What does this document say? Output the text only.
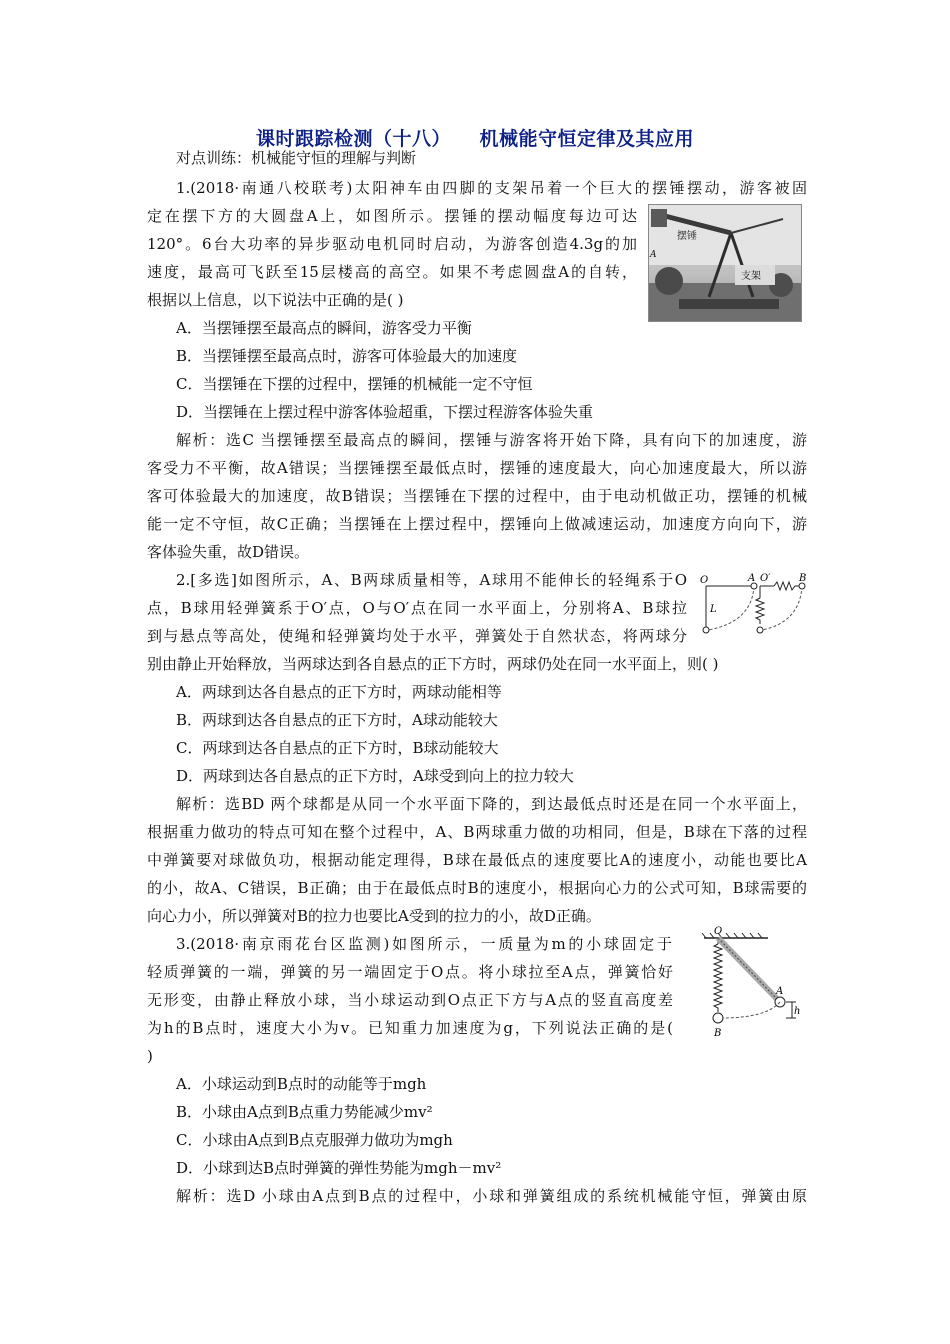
课时跟踪检测（十八）    机械能守恒定律及其应用
对点训练：机械能守恒的理解与判断
1.(2018·南通八校联考)太阳神车由四脚的支架吊着一个巨大的摆锤摆动，游客被固
定在摆下方的大圆盘A上，如图所示。摆锤的摆动幅度每边可达
120°。6台大功率的异步驱动电机同时启动，为游客创造4.3g的加
速度，最高可飞跃至15层楼高的高空。如果不考虑圆盘A的自转，
根据以上信息，以下说法中正确的是( )
摆锤
支架
A
A．当摆锤摆至最高点的瞬间，游客受力平衡
B．当摆锤摆至最高点时，游客可体验最大的加速度
C．当摆锤在下摆的过程中，摆锤的机械能一定不守恒
D．当摆锤在上摆过程中游客体验超重，下摆过程游客体验失重
解析：选C 当摆锤摆至最高点的瞬间，摆锤与游客将开始下降，具有向下的加速度，游
客受力不平衡，故A错误；当摆锤摆至最低点时，摆锤的速度最大，向心加速度最大，所以游
客可体验最大的加速度，故B错误；当摆锤在下摆的过程中，由于电动机做正功，摆锤的机械
能一定不守恒，故C正确；当摆锤在上摆过程中，摆锤向上做减速运动，加速度方向向下，游
客体验失重，故D错误。
2.[多选]如图所示，A、B两球质量相等，A球用不能伸长的轻绳系于O
点，B球用轻弹簧系于O′点，O与O′点在同一水平面上，分别将A、B球拉
到与悬点等高处，使绳和轻弹簧均处于水平，弹簧处于自然状态，将两球分
别由静止开始释放，当两球达到各自悬点的正下方时，两球仍处在同一水平面上，则( )
O	A O′	B
L
A．两球到达各自悬点的正下方时，两球动能相等
B．两球到达各自悬点的正下方时，A球动能较大
C．两球到达各自悬点的正下方时，B球动能较大
D．两球到达各自悬点的正下方时，A球受到向上的拉力较大
解析：选BD 两个球都是从同一个水平面下降的，到达最低点时还是在同一个水平面上，
根据重力做功的特点可知在整个过程中，A、B两球重力做的功相同，但是，B球在下落的过程
中弹簧要对球做负功，根据动能定理得，B球在最低点的速度要比A的速度小，动能也要比A
的小，故A、C错误，B正确；由于在最低点时B的速度小，根据向心力的公式可知，B球需要的
向心力小，所以弹簧对B的拉力也要比A受到的拉力的小，故D正确。
3.(2018·南京雨花台区监测)如图所示，一质量为m的小球固定于
轻质弹簧的一端，弹簧的另一端固定于O点。将小球拉至A点，弹簧恰好
无形变，由静止释放小球，当小球运动到O点正下方与A点的竖直高度差
为h的B点时，速度大小为v。已知重力加速度为g，下列说法正确的是(
)
O
A
B
h
A．小球运动到B点时的动能等于mgh
B．小球由A点到B点重力势能减少mv²
C．小球由A点到B点克服弹力做功为mgh
D．小球到达B点时弹簧的弹性势能为mgh－mv²
解析：选D 小球由A点到B点的过程中，小球和弹簧组成的系统机械能守恒，弹簧由原
